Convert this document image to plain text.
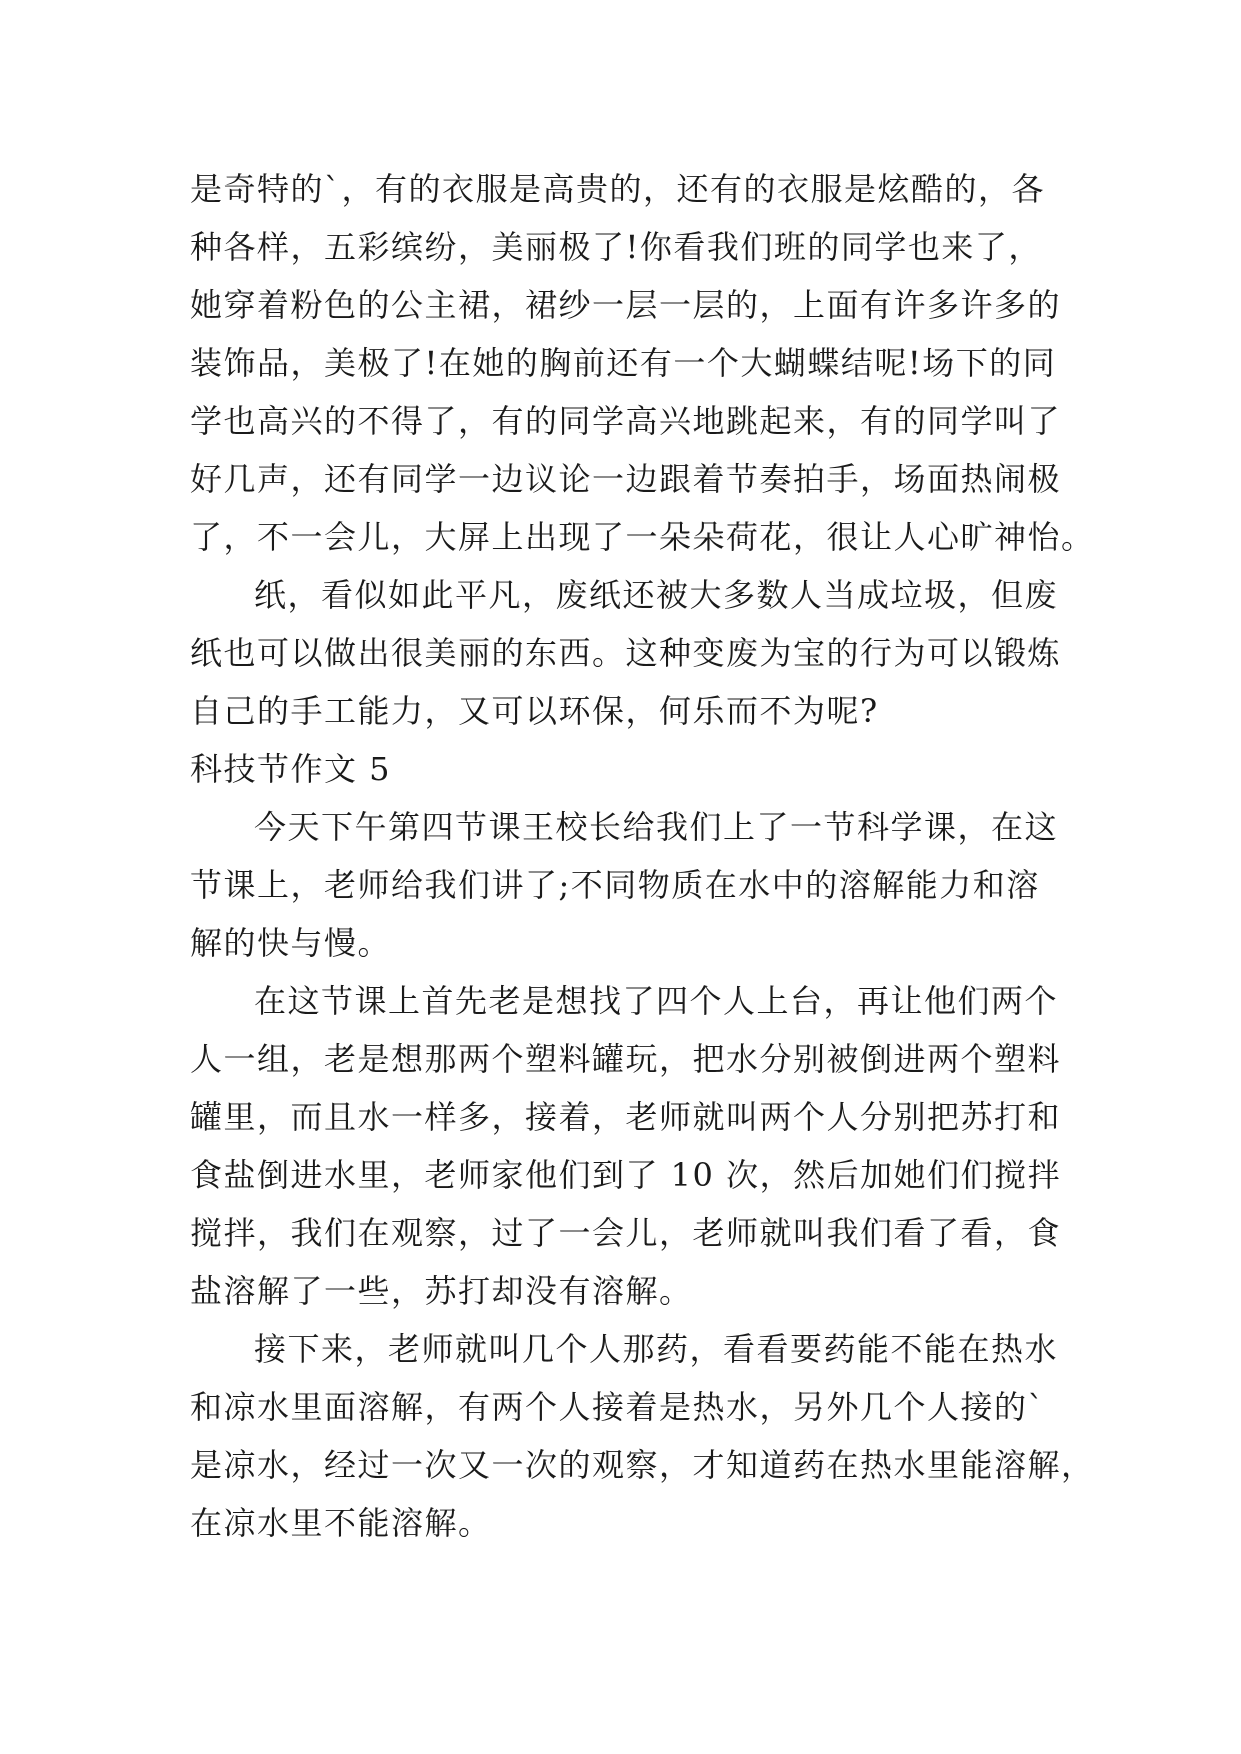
是奇特的`，有的衣服是高贵的，还有的衣服是炫酷的，各
种各样，五彩缤纷，美丽极了!你看我们班的同学也来了，
她穿着粉色的公主裙，裙纱一层一层的，上面有许多许多的
装饰品，美极了!在她的胸前还有一个大蝴蝶结呢!场下的同
学也高兴的不得了，有的同学高兴地跳起来，有的同学叫了
好几声，还有同学一边议论一边跟着节奏拍手，场面热闹极
了，不一会儿，大屏上出现了一朵朵荷花，很让人心旷神怡。
纸，看似如此平凡，废纸还被大多数人当成垃圾，但废
纸也可以做出很美丽的东西。这种变废为宝的行为可以锻炼
自己的手工能力，又可以环保，何乐而不为呢?
科技节作文 5
今天下午第四节课王校长给我们上了一节科学课，在这
节课上，老师给我们讲了;不同物质在水中的溶解能力和溶
解的快与慢。
在这节课上首先老是想找了四个人上台，再让他们两个
人一组，老是想那两个塑料罐玩，把水分别被倒进两个塑料
罐里，而且水一样多，接着，老师就叫两个人分别把苏打和
食盐倒进水里，老师家他们到了 10 次，然后加她们们搅拌
搅拌，我们在观察，过了一会儿，老师就叫我们看了看，食
盐溶解了一些，苏打却没有溶解。
接下来，老师就叫几个人那药，看看要药能不能在热水
和凉水里面溶解，有两个人接着是热水，另外几个人接的`
是凉水，经过一次又一次的观察，才知道药在热水里能溶解，
在凉水里不能溶解。
